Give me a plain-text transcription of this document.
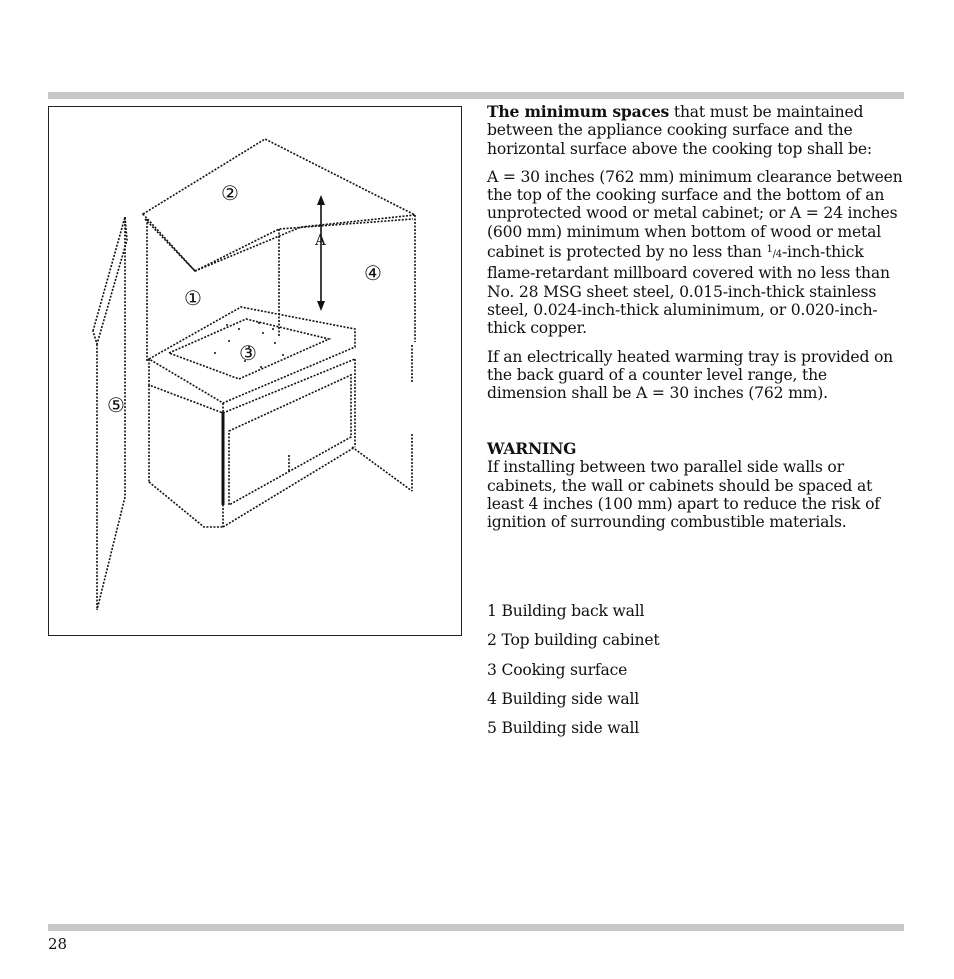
A
①
②
③
④
⑤

The minimum spaces that must be maintained between the appliance cooking surface and the horizontal surface above the cooking top shall be:

A = 30 inches (762 mm) minimum clearance between the top of the cooking surface and the bottom of an unprotected wood or metal cabinet; or A = 24 inches (600 mm) minimum when bottom of wood or metal cabinet is protected by no less than $^1$/4-inch-thick flame-retardant millboard covered with no less than No. 28 MSG sheet steel, 0.015-inch-thick stainless steel, 0.024-inch-thick aluminimum, or 0.020-inch-thick copper.

If an electrically heated warming tray is provided on the back guard of a counter level range, the dimension shall be A = 30 inches (762 mm).

WARNING
If installing between two parallel side walls or cabinets, the wall or cabinets should be spaced at least 4 inches (100 mm) apart to reduce the risk of ignition of surrounding combustible materials.
1 Building back wall
2 Top building cabinet
3 Cooking surface
4 Building side wall
5 Building side wall
28
